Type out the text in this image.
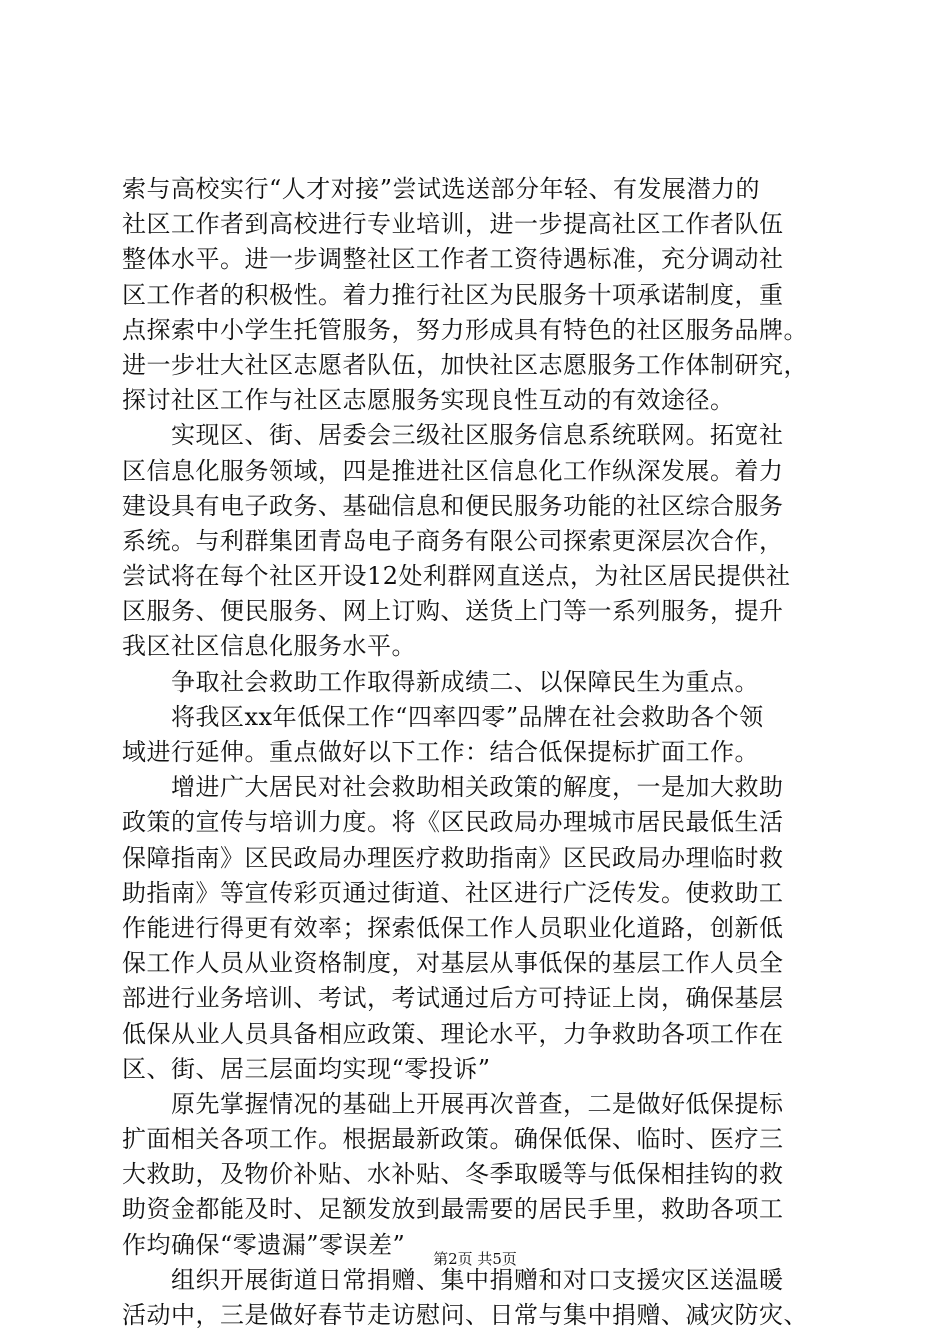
索与高校实行“人才对接”尝试选送部分年轻、有发展潜力的
社区工作者到高校进行专业培训，进一步提高社区工作者队伍
整体水平。进一步调整社区工作者工资待遇标准，充分调动社
区工作者的积极性。着力推行社区为民服务十项承诺制度，重
点探索中小学生托管服务，努力形成具有特色的社区服务品牌。
进一步壮大社区志愿者队伍，加快社区志愿服务工作体制研究，
探讨社区工作与社区志愿服务实现良性互动的有效途径。
　　实现区、街、居委会三级社区服务信息系统联网。拓宽社
区信息化服务领域，四是推进社区信息化工作纵深发展。着力
建设具有电子政务、基础信息和便民服务功能的社区综合服务
系统。与利群集团青岛电子商务有限公司探索更深层次合作，
尝试将在每个社区开设12处利群网直送点，为社区居民提供社
区服务、便民服务、网上订购、送货上门等一系列服务，提升
我区社区信息化服务水平。
　　争取社会救助工作取得新成绩二、以保障民生为重点。
　　将我区xx年低保工作“四率四零”品牌在社会救助各个领
域进行延伸。重点做好以下工作：结合低保提标扩面工作。
　　增进广大居民对社会救助相关政策的解度，一是加大救助
政策的宣传与培训力度。将《区民政局办理城市居民最低生活
保障指南》区民政局办理医疗救助指南》区民政局办理临时救
助指南》等宣传彩页通过街道、社区进行广泛传发。使救助工
作能进行得更有效率；探索低保工作人员职业化道路，创新低
保工作人员从业资格制度，对基层从事低保的基层工作人员全
部进行业务培训、考试，考试通过后方可持证上岗，确保基层
低保从业人员具备相应政策、理论水平，力争救助各项工作在
区、街、居三层面均实现“零投诉”
　　原先掌握情况的基础上开展再次普查，二是做好低保提标
扩面相关各项工作。根据最新政策。确保低保、临时、医疗三
大救助，及物价补贴、水补贴、冬季取暖等与低保相挂钩的救
助资金都能及时、足额发放到最需要的居民手里，救助各项工
作均确保“零遗漏”零误差”
　　组织开展街道日常捐赠、集中捐赠和对口支援灾区送温暖
活动中，三是做好春节走访慰问、日常与集中捐赠、减灾防灾、
第2页 共5页
